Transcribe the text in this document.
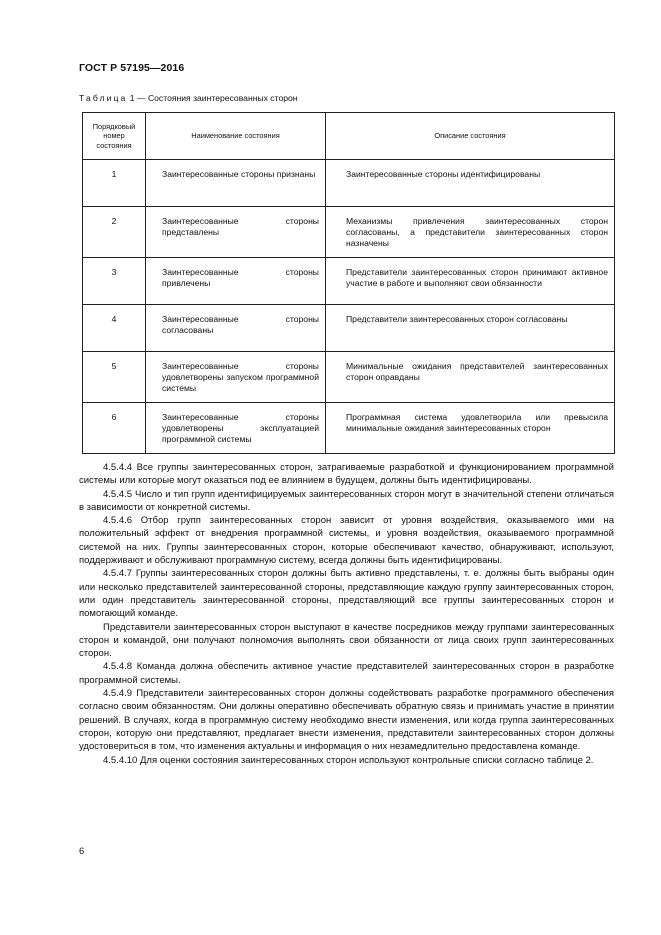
ГОСТ Р 57195—2016
Таблица 1 — Состояния заинтересованных сторон
Порядковый номер состояния	Наименование состояния	Описание состояния
1	Заинтересованные стороны признаны	Заинтересованные стороны идентифицированы
2	Заинтересованные стороны представлены	Механизмы привлечения заинтересованных сторон согласованы, а представители заинтересованных сторон назначены
3	Заинтересованные стороны привлечены	Представители заинтересованных сторон принимают активное участие в работе и выполняют свои обязанности
4	Заинтересованные стороны согласованы	Представители заинтересованных сторон согласованы
5	Заинтересованные стороны удовлетворены запуском программной системы	Минимальные ожидания представителей заинтересованных сторон оправданы
6	Заинтересованные стороны удовлетворены эксплуатацией программной системы	Программная система удовлетворила или превысила минимальные ожидания заинтересованных сторон

4.5.4.4 Все группы заинтересованных сторон, затрагиваемые разработкой и функционированием программной системы или которые могут оказаться под ее влиянием в будущем, должны быть идентифицированы.

4.5.4.5 Число и тип групп идентифицируемых заинтересованных сторон могут в значительной степени отличаться в зависимости от конкретной системы.

4.5.4.6 Отбор групп заинтересованных сторон зависит от уровня воздействия, оказываемого ими на положительный эффект от внедрения программной системы, и уровня воздействия, оказываемого программной системой на них. Группы заинтересованных сторон, которые обеспечивают качество, обнаруживают, используют, поддерживают и обслуживают программную систему, всегда должны быть идентифицированы.

4.5.4.7 Группы заинтересованных сторон должны быть активно представлены, т. е. должны быть выбраны один или несколько представителей заинтересованной стороны, представляющие каждую группу заинтересованных сторон, или один представитель заинтересованной стороны, представляющий все группы заинтересованных сторон и помогающий команде.

Представители заинтересованных сторон выступают в качестве посредников между группами заинтересованных сторон и командой, они получают полномочия выполнять свои обязанности от лица своих групп заинтересованных сторон.

4.5.4.8 Команда должна обеспечить активное участие представителей заинтересованных сторон в разработке программной системы.

4.5.4.9 Представители заинтересованных сторон должны содействовать разработке программного обеспечения согласно своим обязанностям. Они должны оперативно обеспечивать обратную связь и принимать участие в принятии решений. В случаях, когда в программную систему необходимо внести изменения, или когда группа заинтересованных сторон, которую они представляют, предлагает внести изменения, представители заинтересованных сторон должны удостовериться в том, что изменения актуальны и информация о них незамедлительно предоставлена команде.

4.5.4.10 Для оценки состояния заинтересованных сторон используют контрольные списки согласно таблице 2.

6
